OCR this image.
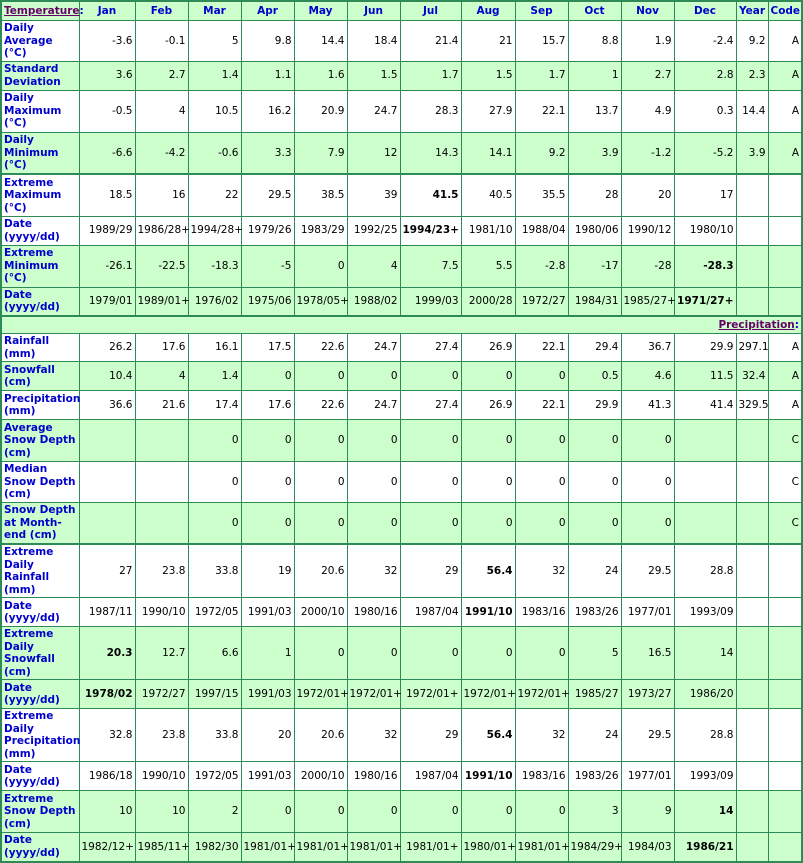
Temperature:	Jan	Feb	Mar	Apr	May	Jun	Jul	Aug	Sep	Oct	Nov	Dec	Year	Code
Daily Average (°C)	-3.6	-0.1	5	9.8	14.4	18.4	21.4	21	15.7	8.8	1.9	-2.4	9.2	A
Standard Deviation	3.6	2.7	1.4	1.1	1.6	1.5	1.7	1.5	1.7	1	2.7	2.8	2.3	A
Daily Maximum (°C)	-0.5	4	10.5	16.2	20.9	24.7	28.3	27.9	22.1	13.7	4.9	0.3	14.4	A
Daily Minimum (°C)	-6.6	-4.2	-0.6	3.3	7.9	12	14.3	14.1	9.2	3.9	-1.2	-5.2	3.9	A
Extreme Maximum (°C)	18.5	16	22	29.5	38.5	39	41.5	40.5	35.5	28	20	17		
Date (yyyy/dd)	1989/29	1986/28+	1994/28+	1979/26	1983/29	1992/25	1994/23+	1981/10	1988/04	1980/06	1990/12	1980/10		
Extreme Minimum (°C)	-26.1	-22.5	-18.3	-5	0	4	7.5	5.5	-2.8	-17	-28	-28.3		
Date (yyyy/dd)	1979/01	1989/01+	1976/02	1975/06	1978/05+	1988/02	1999/03	2000/28	1972/27	1984/31	1985/27+	1971/27+		
Precipitation:														
Rainfall (mm)	26.2	17.6	16.1	17.5	22.6	24.7	27.4	26.9	22.1	29.4	36.7	29.9	297.1	A
Snowfall (cm)	10.4	4	1.4	0	0	0	0	0	0	0.5	4.6	11.5	32.4	A
Precipitation (mm)	36.6	21.6	17.4	17.6	22.6	24.7	27.4	26.9	22.1	29.9	41.3	41.4	329.5	A
Average Snow Depth (cm)			0	0	0	0	0	0	0	0	0			C
Median Snow Depth (cm)			0	0	0	0	0	0	0	0	0			C
Snow Depth at Month-end (cm)			0	0	0	0	0	0	0	0	0			C
Extreme Daily Rainfall (mm)	27	23.8	33.8	19	20.6	32	29	56.4	32	24	29.5	28.8		
Date (yyyy/dd)	1987/11	1990/10	1972/05	1991/03	2000/10	1980/16	1987/04	1991/10	1983/16	1983/26	1977/01	1993/09		
Extreme Daily Snowfall (cm)	20.3	12.7	6.6	1	0	0	0	0	0	5	16.5	14		
Date (yyyy/dd)	1978/02	1972/27	1997/15	1991/03	1972/01+	1972/01+	1972/01+	1972/01+	1972/01+	1985/27	1973/27	1986/20		
Extreme Daily Precipitation (mm)	32.8	23.8	33.8	20	20.6	32	29	56.4	32	24	29.5	28.8		
Date (yyyy/dd)	1986/18	1990/10	1972/05	1991/03	2000/10	1980/16	1987/04	1991/10	1983/16	1983/26	1977/01	1993/09		
Extreme Snow Depth (cm)	10	10	2	0	0	0	0	0	0	3	9	14		
Date (yyyy/dd)	1982/12+	1985/11+	1982/30	1981/01+	1981/01+	1981/01+	1981/01+	1980/01+	1981/01+	1984/29+	1984/03	1986/21		
